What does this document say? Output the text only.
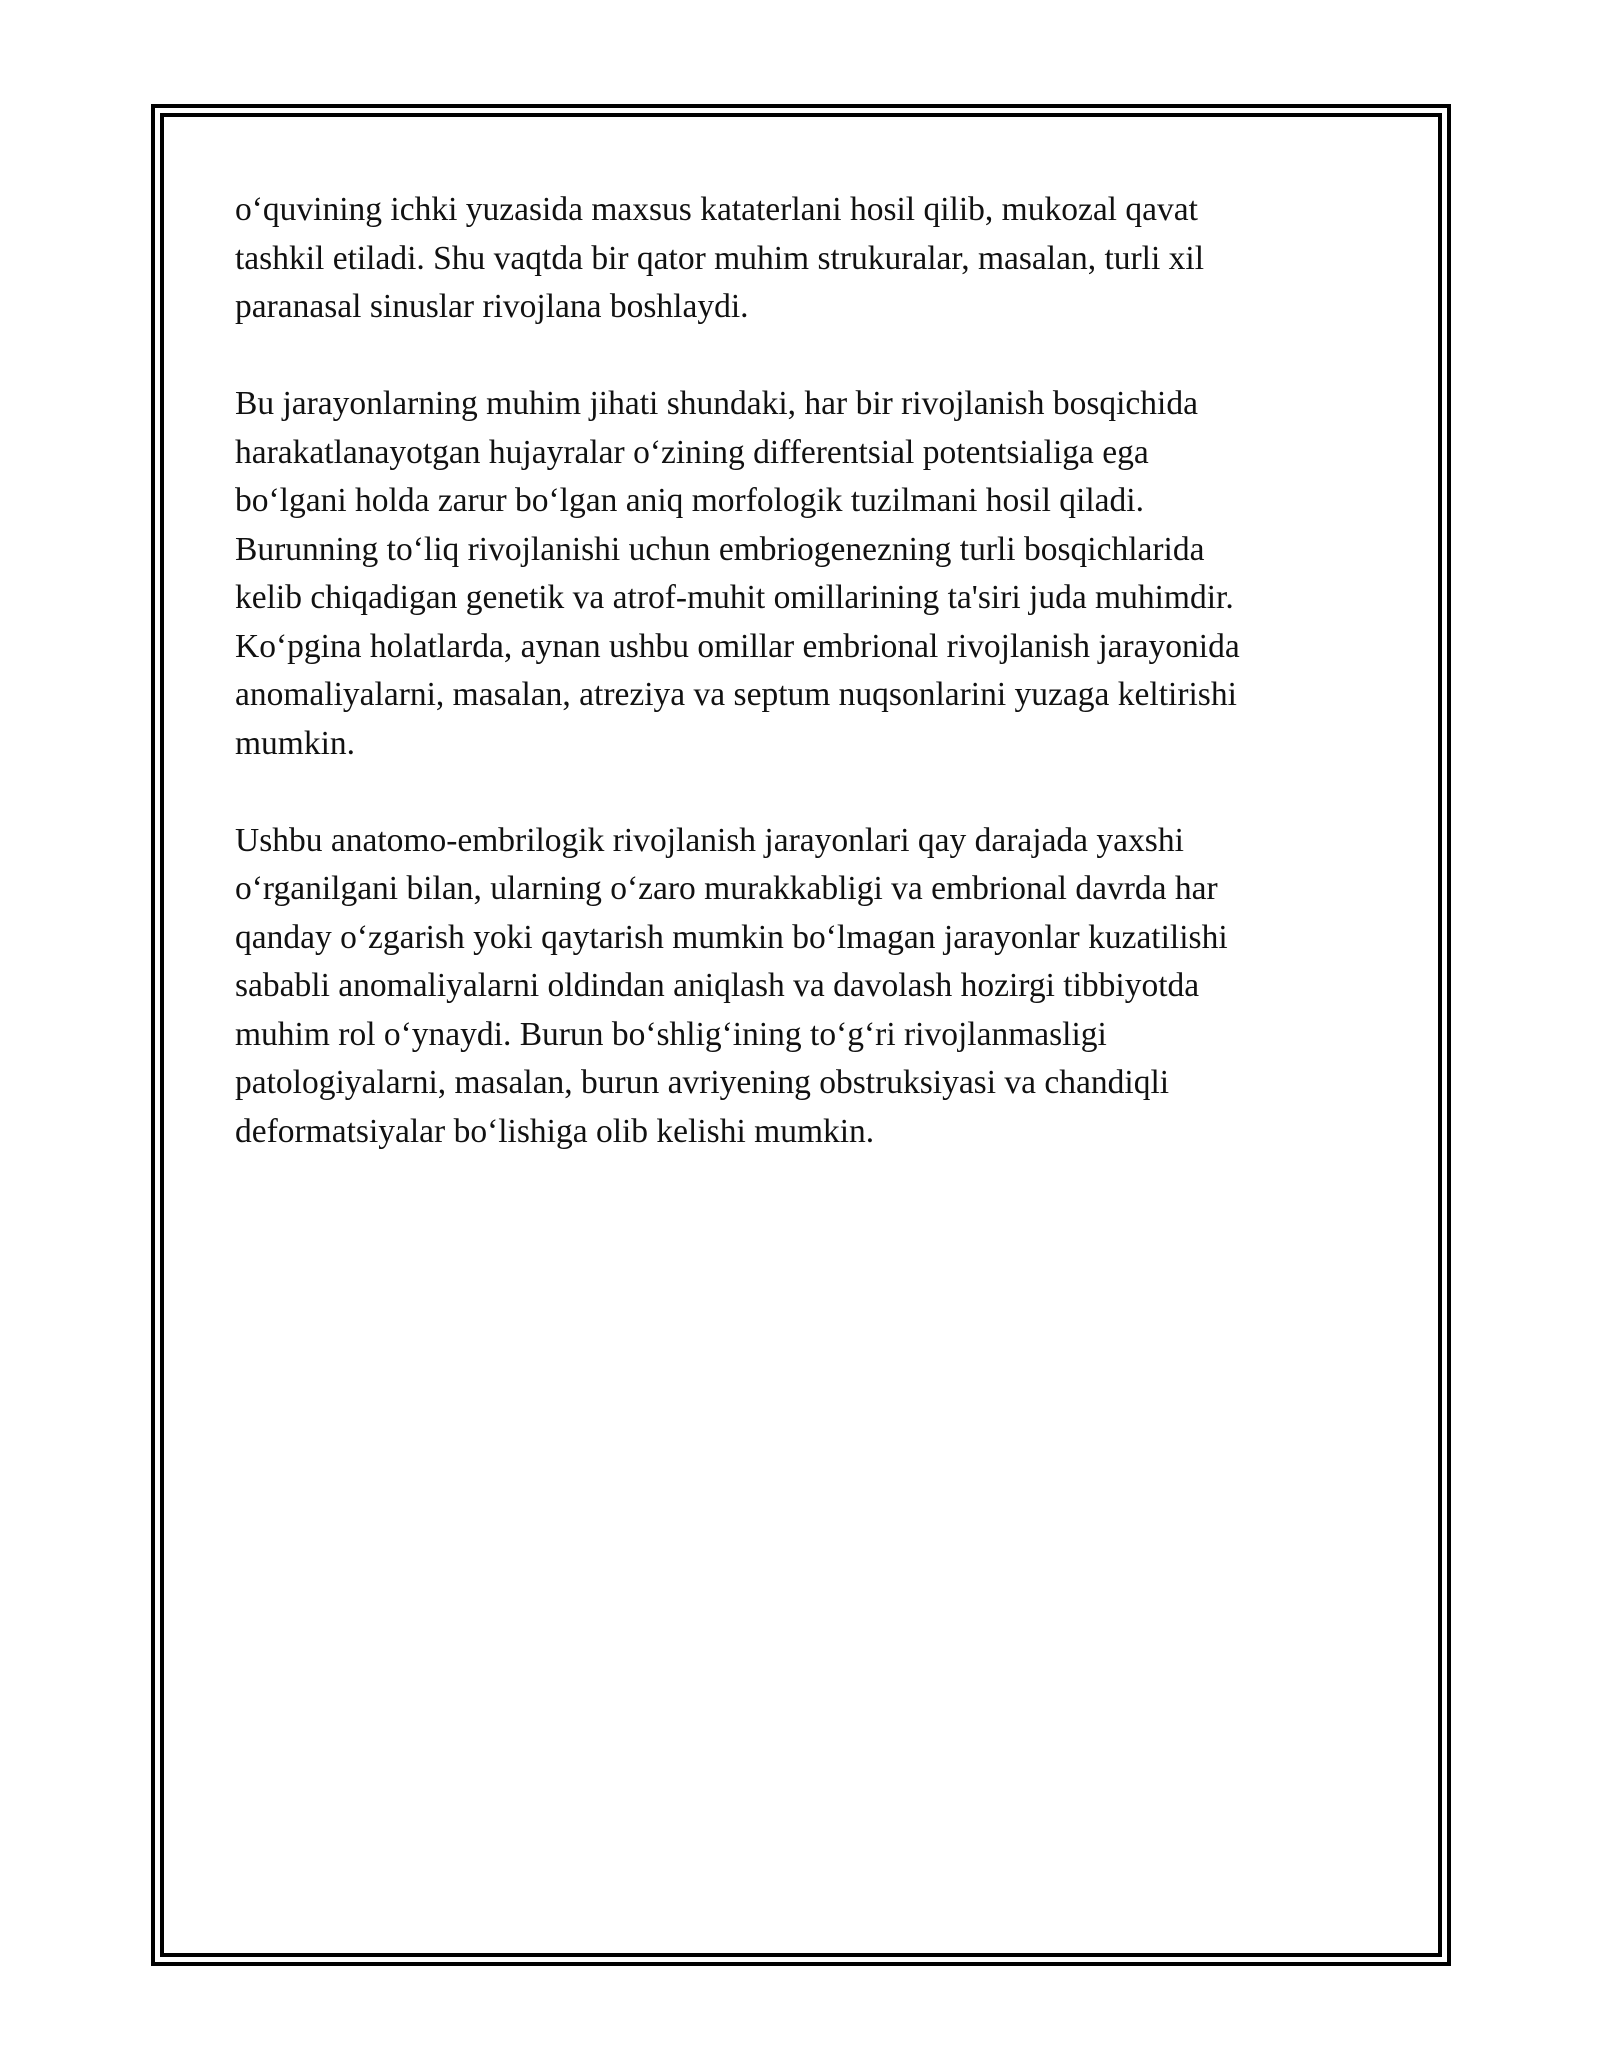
o‘quvining ichki yuzasida maxsus kataterlani hosil qilib, mukozal qavat
tashkil etiladi. Shu vaqtda bir qator muhim strukuralar, masalan, turli xil
paranasal sinuslar rivojlana boshlaydi.

Bu jarayonlarning muhim jihati shundaki, har bir rivojlanish bosqichida
harakatlanayotgan hujayralar o‘zining differentsial potentsialiga ega
bo‘lgani holda zarur bo‘lgan aniq morfologik tuzilmani hosil qiladi.
Burunning to‘liq rivojlanishi uchun embriogenezning turli bosqichlarida
kelib chiqadigan genetik va atrof-muhit omillarining ta'siri juda muhimdir.
Ko‘pgina holatlarda, aynan ushbu omillar embrional rivojlanish jarayonida
anomaliyalarni, masalan, atreziya va septum nuqsonlarini yuzaga keltirishi
mumkin.

Ushbu anatomo-embrilogik rivojlanish jarayonlari qay darajada yaxshi
o‘rganilgani bilan, ularning o‘zaro murakkabligi va embrional davrda har
qanday o‘zgarish yoki qaytarish mumkin bo‘lmagan jarayonlar kuzatilishi
sababli anomaliyalarni oldindan aniqlash va davolash hozirgi tibbiyotda
muhim rol o‘ynaydi. Burun bo‘shlig‘ining to‘g‘ri rivojlanmasligi
patologiyalarni, masalan, burun avriyening obstruksiyasi va chandiqli
deformatsiyalar bo‘lishiga olib kelishi mumkin.
